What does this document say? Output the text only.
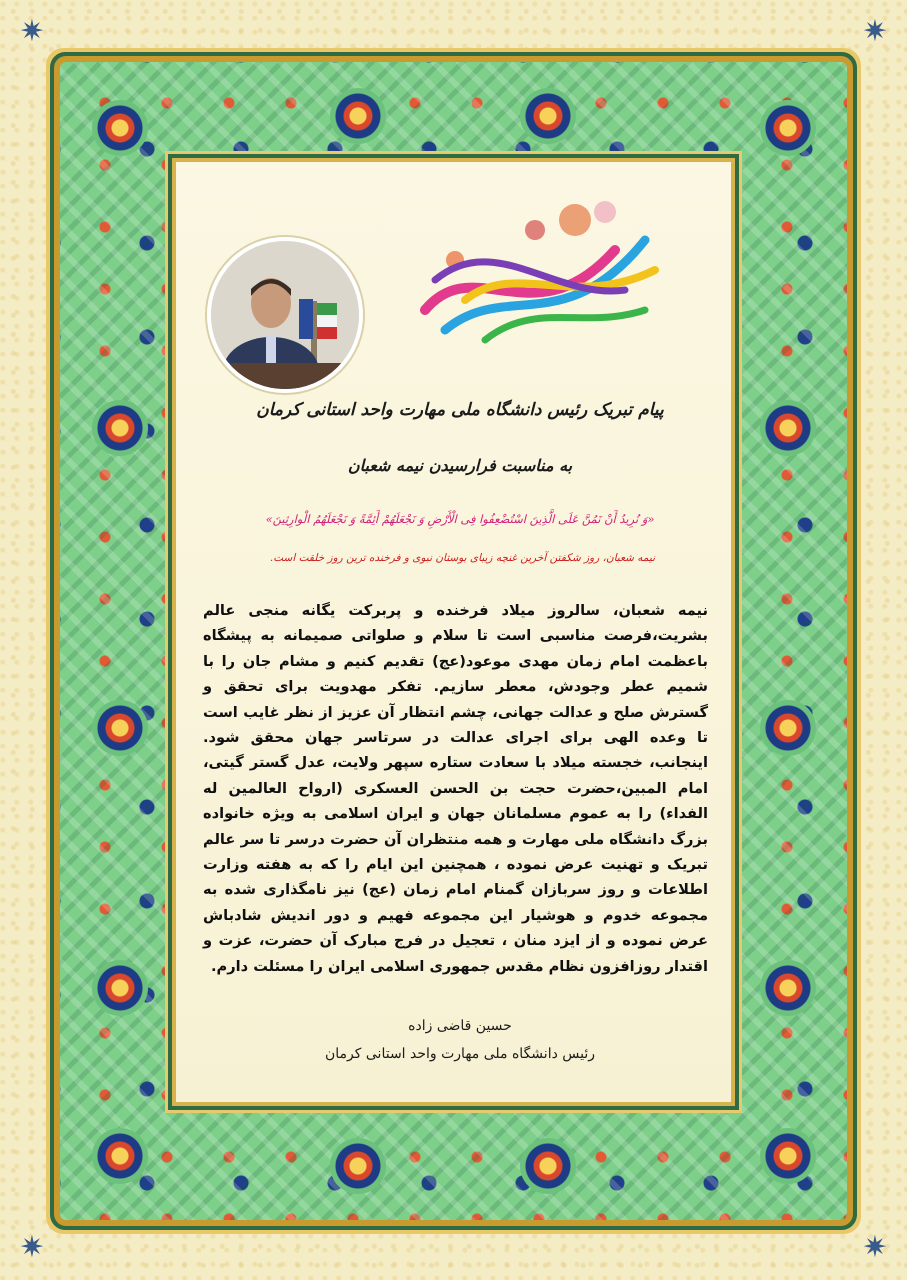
✷	✷
✷	✷
پیام تبریک رئیس دانشگاه ملی مهارت واحد استانی کرمان
به مناسبت فرارسیدن نیمه شعبان
«وَ نُرِیدُ أَنْ نَمُنَّ عَلَى الَّذِینَ اسْتُضْعِفُوا فِی الْأَرْضِ وَ نَجْعَلَهُمْ أَئِمَّةً وَ نَجْعَلَهُمُ الْوارِثِینَ»
نیمه شعبان، روز شکفتن آخرین غنچه زیبای بوستان نبوی و فرخنده ترین روز خلقت است.
نیمه شعبان، سالروز میلاد فرخنده و پربرکت یگانه منجی عالم بشریت،فرصت مناسبی است تا سلام و صلواتی صمیمانه به پیشگاه باعظمت امام زمان مهدی موعود(عج) تقدیم کنیم و مشام جان را با شمیم عطر وجودش، معطر سازیم. تفکر مهدویت برای تحقق و گسترش صلح و عدالت جهانی، چشم انتظار آن عزیز از نظر غایب است تا وعده الهی برای اجرای عدالت در سرتاسر جهان محقق شود. اینجانب، خجسته میلاد با سعادت ستاره سپهر ولایت، عدل گستر گیتی، امام المبین،حضرت حجت بن الحسن العسکری (ارواح العالمین له الفداء) را به عموم مسلمانان جهان و ایران اسلامی به ویژه خانواده بزرگ دانشگاه ملی مهارت و همه منتظران آن حضرت درسر تا سر عالم تبریک و تهنیت عرض نموده ، همچنین این ایام را که به هفته وزارت اطلاعات و روز سربازان گمنام امام زمان (عج) نیز نامگذاری شده به مجموعه خدوم و هوشیار این مجموعه فهیم و دور اندیش شادباش عرض نموده و از ایزد منان ، تعجیل در فرج مبارک آن حضرت، عزت و اقتدار روزافزون نظام مقدس جمهوری اسلامی ایران را مسئلت دارم.
حسین قاضی زاده
رئیس دانشگاه ملی مهارت واحد استانی کرمان
